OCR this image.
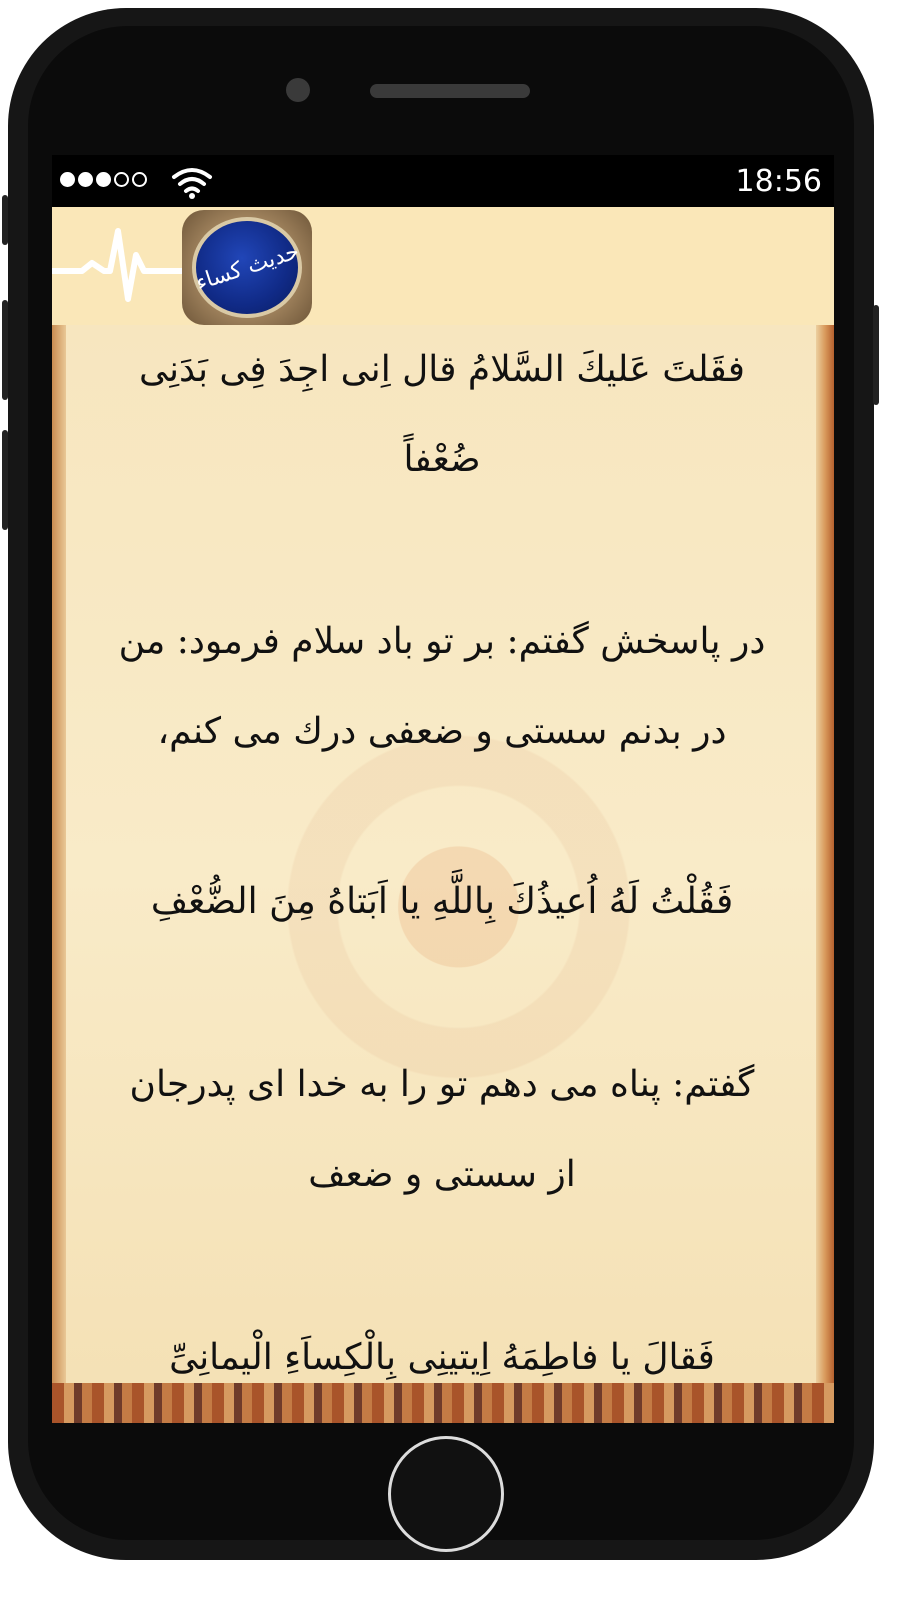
18:56
حدیث کساء
فقَلتَ عَليكَ السَّلامُ قال اِنی اجِدَ فِی بَدَنِی ضُعْفاً
در پاسخش گفتم: بر تو باد سلام فرمود: من در بدنم سستی و ضعفی درك می کنم،
فَقُلْتُ لَهُ اُعیذُكَ بِاللَّهِ یا اَبَتاهُ مِنَ الضُّعْفِ
گفتم: پناه می دهم تو را به خدا ای پدرجان از سستی و ضعف
فَقالَ یا فاطِمَهُ اِیتینِی بِالْكِساَءِ الْیمانِیِّ
